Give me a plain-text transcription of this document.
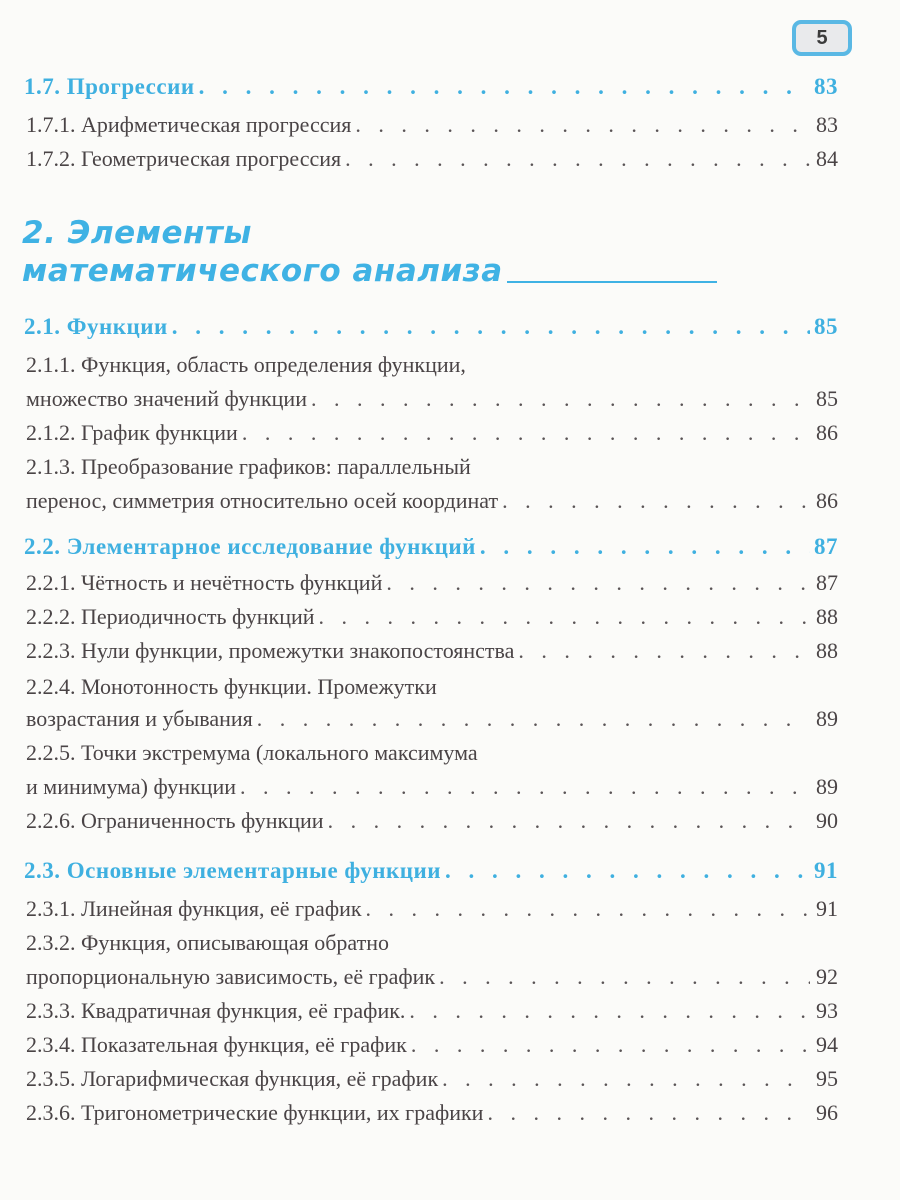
5
1.7. Прогрессии . . .	83
1.7.1. Арифметическая прогрессия . . .	83
1.7.2. Геометрическая прогрессия . . .	84
2.1. Функции . . .	85
2.1.1. Функция, область определения функции,
множество значений функции . . .	85
2.1.2. График функции . . .	86
2.1.3. Преобразование графиков: параллельный
перенос, симметрия относительно осей координат . . .	86
2.2. Элементарное исследование функций . . .	87
2.2.1. Чётность и нечётность функций . . .	87
2.2.2. Периодичность функций . . .	88
2.2.3. Нули функции, промежутки знакопостоянства . . .	88
2.2.4. Монотонность функции. Промежутки
возрастания и убывания . . .	89
2.2.5. Точки экстремума (локального максимума
и минимума) функции . . .	89
2.2.6. Ограниченность функции . . .	90
2.3. Основные элементарные функции . . .	91
2.3.1. Линейная функция, её график . . .	91
2.3.2. Функция, описывающая обратно
пропорциональную зависимость, её график . . .	92
2.3.3. Квадратичная функция, её график. . . .	93
2.3.4. Показательная функция, её график . . .	94
2.3.5. Логарифмическая функция, её график . . .	95
2.3.6. Тригонометрические функции, их графики . . .	96
2. Элементы
математического анализа
